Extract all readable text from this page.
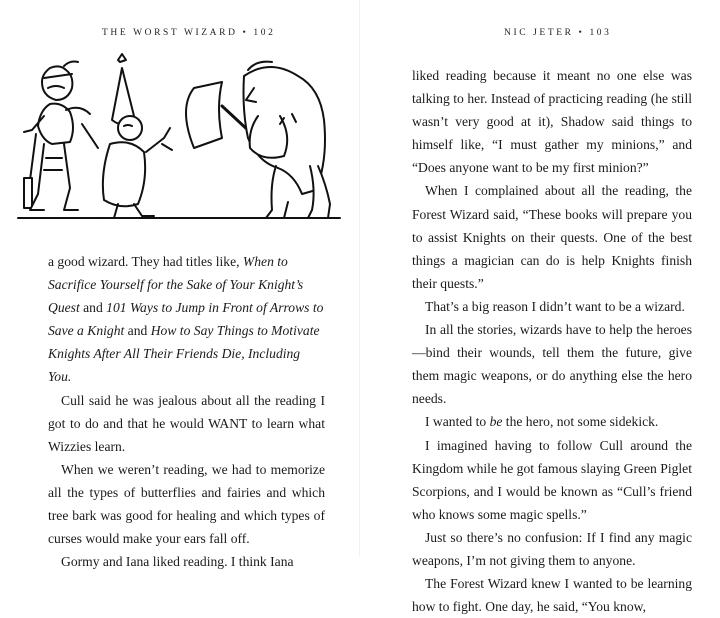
THE WORST WIZARD • 102

a good wizard. They had titles like, When to Sacrifice Yourself for the Sake of Your Knight’s Quest and 101 Ways to Jump in Front of Arrows to Save a Knight and How to Say Things to Motivate Knights After All Their Friends Die, Including You.

Cull said he was jealous about all the reading I got to do and that he would WANT to learn what Wizzies learn.

When we weren’t reading, we had to memorize all the types of butterflies and fairies and which tree bark was good for healing and which types of curses would make your ears fall off.

Gormy and Iana liked reading. I think Iana

NIC JETER • 103

liked reading because it meant no one else was talking to her. Instead of practicing reading (he still wasn’t very good at it), Shadow said things to himself like, “I must gather my minions,” and “Does anyone want to be my first minion?”

When I complained about all the reading, the Forest Wizard said, “These books will prepare you to assist Knights on their quests. One of the best things a magician can do is help Knights finish their quests.”

That’s a big reason I didn’t want to be a wizard.

In all the stories, wizards have to help the heroes—bind their wounds, tell them the future, give them magic weapons, or do anything else the hero needs.

I wanted to be the hero, not some sidekick.

I imagined having to follow Cull around the Kingdom while he got famous slaying Green Piglet Scorpions, and I would be known as “Cull’s friend who knows some magic spells.”

Just so there’s no confusion: If I find any magic weapons, I’m not giving them to anyone.

The Forest Wizard knew I wanted to be learning how to fight. One day, he said, “You know,
